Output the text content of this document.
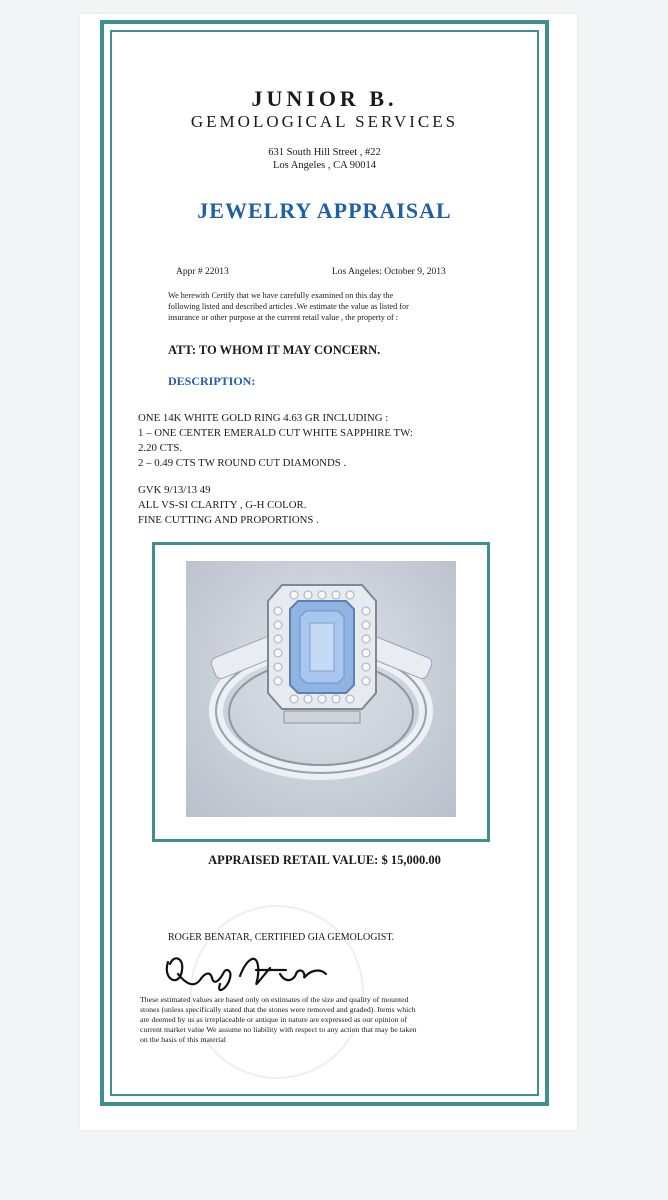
JUNIOR B.
GEMOLOGICAL SERVICES
631 South Hill Street , #22
Los Angeles , CA 90014
JEWELRY APPRAISAL
Appr # 22013	Los Angeles: October 9, 2013
We herewith Certify that we have carefully examined on this day the
following listed and described articles .We estimate the value as listed for
insurance or other purpose at the current retail value , the property of :
ATT: TO WHOM IT MAY CONCERN.
DESCRIPTION:
ONE 14K WHITE GOLD RING 4.63 GR INCLUDING :
1 – ONE CENTER EMERALD CUT WHITE SAPPHIRE TW:
2.20 CTS.
2 – 0.49 CTS TW ROUND CUT DIAMONDS .
GVK 9/13/13 49
ALL VS-SI CLARITY , G-H COLOR.
FINE CUTTING AND PROPORTIONS .
APPRAISED RETAIL VALUE: $ 15,000.00
ROGER BENATAR, CERTIFIED GIA GEMOLOGIST.
These estimated values are based only on estimates of the size and quality of mounted
stones (unless specifically stated that the stones were removed and graded). Items which
are deemed by us as irreplaceable or antique in nature are expressed as our opinion of
current market value We assume no liability with respect to any action that may be taken
on the basis of this material
